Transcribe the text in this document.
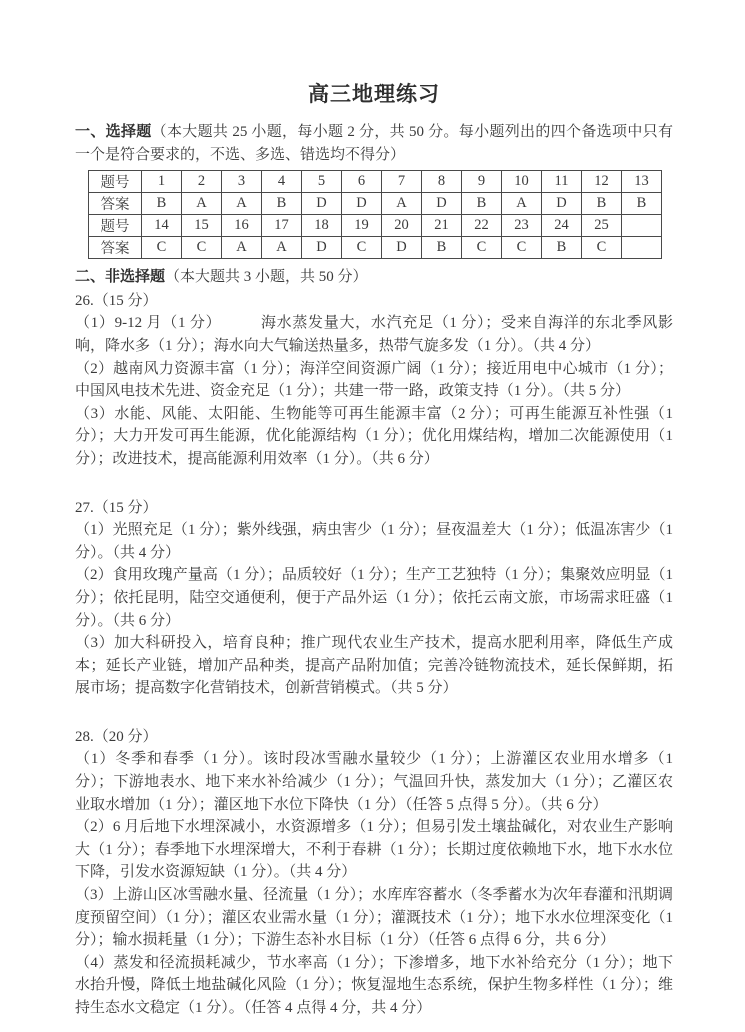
高三地理练习

一、选择题（本大题共 25 小题，每小题 2 分，共 50 分。每小题列出的四个备选项中只有一个是符合要求的，不选、多选、错选均不得分）

题号	1	2	3	4	5	6	7	8	9	10	11	12	13
答案	B	A	A	B	D	D	A	D	B	A	D	B	B
题号	14	15	16	17	18	19	20	21	22	23	24	25	
答案	C	C	A	A	D	C	D	B	C	C	B	C	

二、非选择题（本大题共 3 小题，共 50 分）

26.（15 分）

（1）9-12 月（1 分）　　　海水蒸发量大，水汽充足（1 分）；受来自海洋的东北季风影响，降水多（1 分）；海水向大气输送热量多，热带气旋多发（1 分）。（共 4 分）

（2）越南风力资源丰富（1 分）；海洋空间资源广阔（1 分）；接近用电中心城市（1 分）；中国风电技术先进、资金充足（1 分）；共建一带一路，政策支持（1 分）。（共 5 分）

（3）水能、风能、太阳能、生物能等可再生能源丰富（2 分）；可再生能源互补性强（1 分）；大力开发可再生能源，优化能源结构（1 分）；优化用煤结构，增加二次能源使用（1 分）；改进技术，提高能源利用效率（1 分）。（共 6 分）

27.（15 分）

（1）光照充足（1 分）；紫外线强，病虫害少（1 分）；昼夜温差大（1 分）；低温冻害少（1 分）。（共 4 分）

（2）食用玫瑰产量高（1 分）；品质较好（1 分）；生产工艺独特（1 分）；集聚效应明显（1 分）；依托昆明，陆空交通便利，便于产品外运（1 分）；依托云南文旅，市场需求旺盛（1 分）。（共 6 分）

（3）加大科研投入，培育良种；推广现代农业生产技术，提高水肥利用率，降低生产成本；延长产业链，增加产品种类，提高产品附加值；完善冷链物流技术，延长保鲜期，拓展市场；提高数字化营销技术，创新营销模式。（共 5 分）

28.（20 分）

（1）冬季和春季（1 分）。该时段冰雪融水量较少（1 分）；上游灌区农业用水增多（1 分）；下游地表水、地下来水补给减少（1 分）；气温回升快，蒸发加大（1 分）；乙灌区农业取水增加（1 分）；灌区地下水位下降快（1 分）（任答 5 点得 5 分）。（共 6 分）

（2）6 月后地下水埋深减小，水资源增多（1 分）；但易引发土壤盐碱化，对农业生产影响大（1 分）；春季地下水埋深增大，不利于春耕（1 分）；长期过度依赖地下水，地下水水位下降，引发水资源短缺（1 分）。（共 4 分）

（3）上游山区冰雪融水量、径流量（1 分）；水库库容蓄水（冬季蓄水为次年春灌和汛期调度预留空间）（1 分）；灌区农业需水量（1 分）；灌溉技术（1 分）；地下水水位埋深变化（1 分）；输水损耗量（1 分）；下游生态补水目标（1 分）（任答 6 点得 6 分，共 6 分）

（4）蒸发和径流损耗减少，节水率高（1 分）；下渗增多，地下水补给充分（1 分）；地下水抬升慢，降低土地盐碱化风险（1 分）；恢复湿地生态系统，保护生物多样性（1 分）；维持生态水文稳定（1 分）。（任答 4 点得 4 分，共 4 分）
